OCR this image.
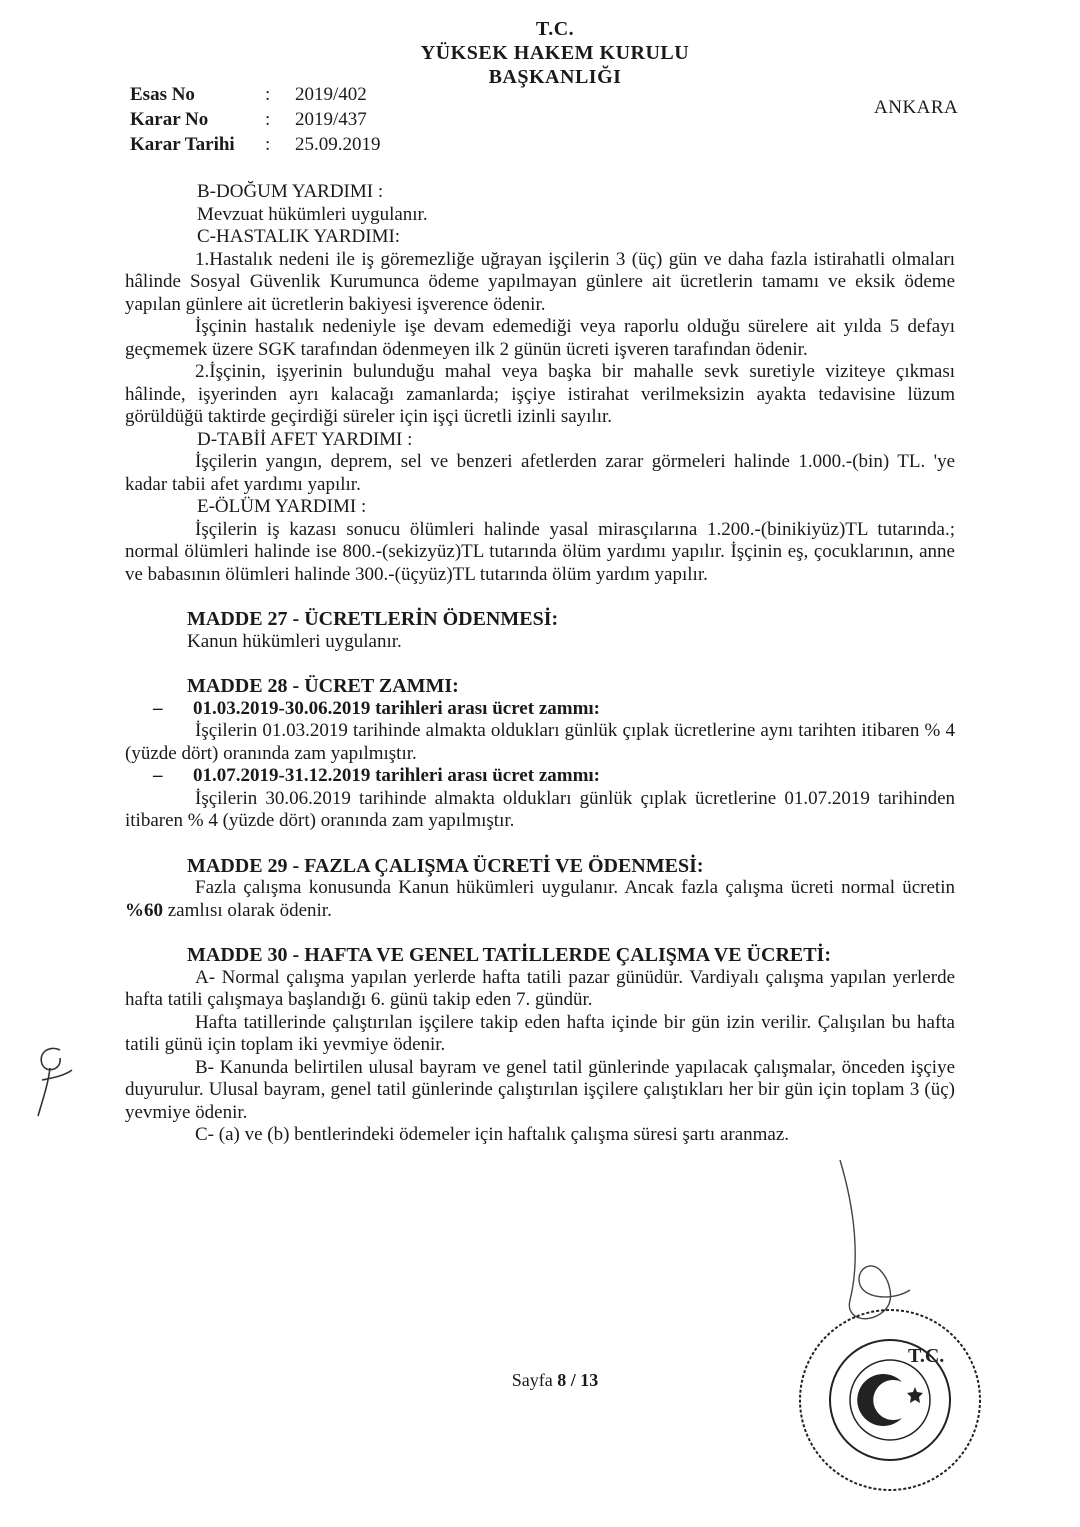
T.C.
YÜKSEK HAKEM KURULU
BAŞKANLIĞI
ANKARA
Esas No	: 2019/402
Karar No	: 2019/437
Karar Tarihi : 25.09.2019

B-DOĞUM YARDIMI :

Mevzuat hükümleri uygulanır.

C-HASTALIK YARDIMI:

1.Hastalık nedeni ile iş göremezliğe uğrayan işçilerin 3 (üç) gün ve daha fazla istirahatli olmaları hâlinde Sosyal Güvenlik Kurumunca ödeme yapılmayan günlere ait ücretlerin tamamı ve eksik ödeme yapılan günlere ait ücretlerin bakiyesi işverence ödenir.

İşçinin hastalık nedeniyle işe devam edemediği veya raporlu olduğu sürelere ait yılda 5 defayı geçmemek üzere SGK tarafından ödenmeyen ilk 2 günün ücreti işveren tarafından ödenir.

2.İşçinin, işyerinin bulunduğu mahal veya başka bir mahalle sevk suretiyle viziteye çıkması hâlinde, işyerinden ayrı kalacağı zamanlarda; işçiye istirahat verilmeksizin ayakta tedavisine lüzum görüldüğü taktirde geçirdiği süreler için işçi ücretli izinli sayılır.

D-TABİİ AFET YARDIMI :

İşçilerin yangın, deprem, sel ve benzeri afetlerden zarar görmeleri halinde 1.000.-(bin) TL. 'ye kadar tabii afet yardımı yapılır.

E-ÖLÜM YARDIMI :

İşçilerin iş kazası sonucu ölümleri halinde yasal mirasçılarına 1.200.-(binikiyüz)TL tutarında.; normal ölümleri halinde ise 800.-(sekizyüz)TL tutarında ölüm yardımı yapılır. İşçinin eş, çocuklarının, anne ve babasının ölümleri halinde 300.-(üçyüz)TL tutarında ölüm yardım yapılır.

MADDE 27 - ÜCRETLERİN ÖDENMESİ:

Kanun hükümleri uygulanır.

MADDE 28 - ÜCRET ZAMMI:

– 01.03.2019-30.06.2019 tarihleri arası ücret zammı:

İşçilerin 01.03.2019 tarihinde almakta oldukları günlük çıplak ücretlerine aynı tarihten itibaren % 4 (yüzde dört) oranında zam yapılmıştır.

– 01.07.2019-31.12.2019 tarihleri arası ücret zammı:

İşçilerin 30.06.2019 tarihinde almakta oldukları günlük çıplak ücretlerine 01.07.2019 tarihinden itibaren % 4 (yüzde dört) oranında zam yapılmıştır.

MADDE 29 - FAZLA ÇALIŞMA ÜCRETİ VE ÖDENMESİ:

Fazla çalışma konusunda Kanun hükümleri uygulanır. Ancak fazla çalışma ücreti normal ücretin %60 zamlısı olarak ödenir.

MADDE 30 - HAFTA VE GENEL TATİLLERDE ÇALIŞMA VE ÜCRETİ:

A- Normal çalışma yapılan yerlerde hafta tatili pazar günüdür. Vardiyalı çalışma yapılan yerlerde hafta tatili çalışmaya başlandığı 6. günü takip eden 7. gündür.

Hafta tatillerinde çalıştırılan işçilere takip eden hafta içinde bir gün izin verilir. Çalışılan bu hafta tatili günü için toplam iki yevmiye ödenir.

B- Kanunda belirtilen ulusal bayram ve genel tatil günlerinde yapılacak çalışmalar, önceden işçiye duyurulur. Ulusal bayram, genel tatil günlerinde çalıştırılan işçilere çalıştıkları her bir gün için toplam 3 (üç) yevmiye ödenir.

C- (a) ve (b) bentlerindeki ödemeler için haftalık çalışma süresi şartı aranmaz.

Sayfa 8 / 13
T.C.
